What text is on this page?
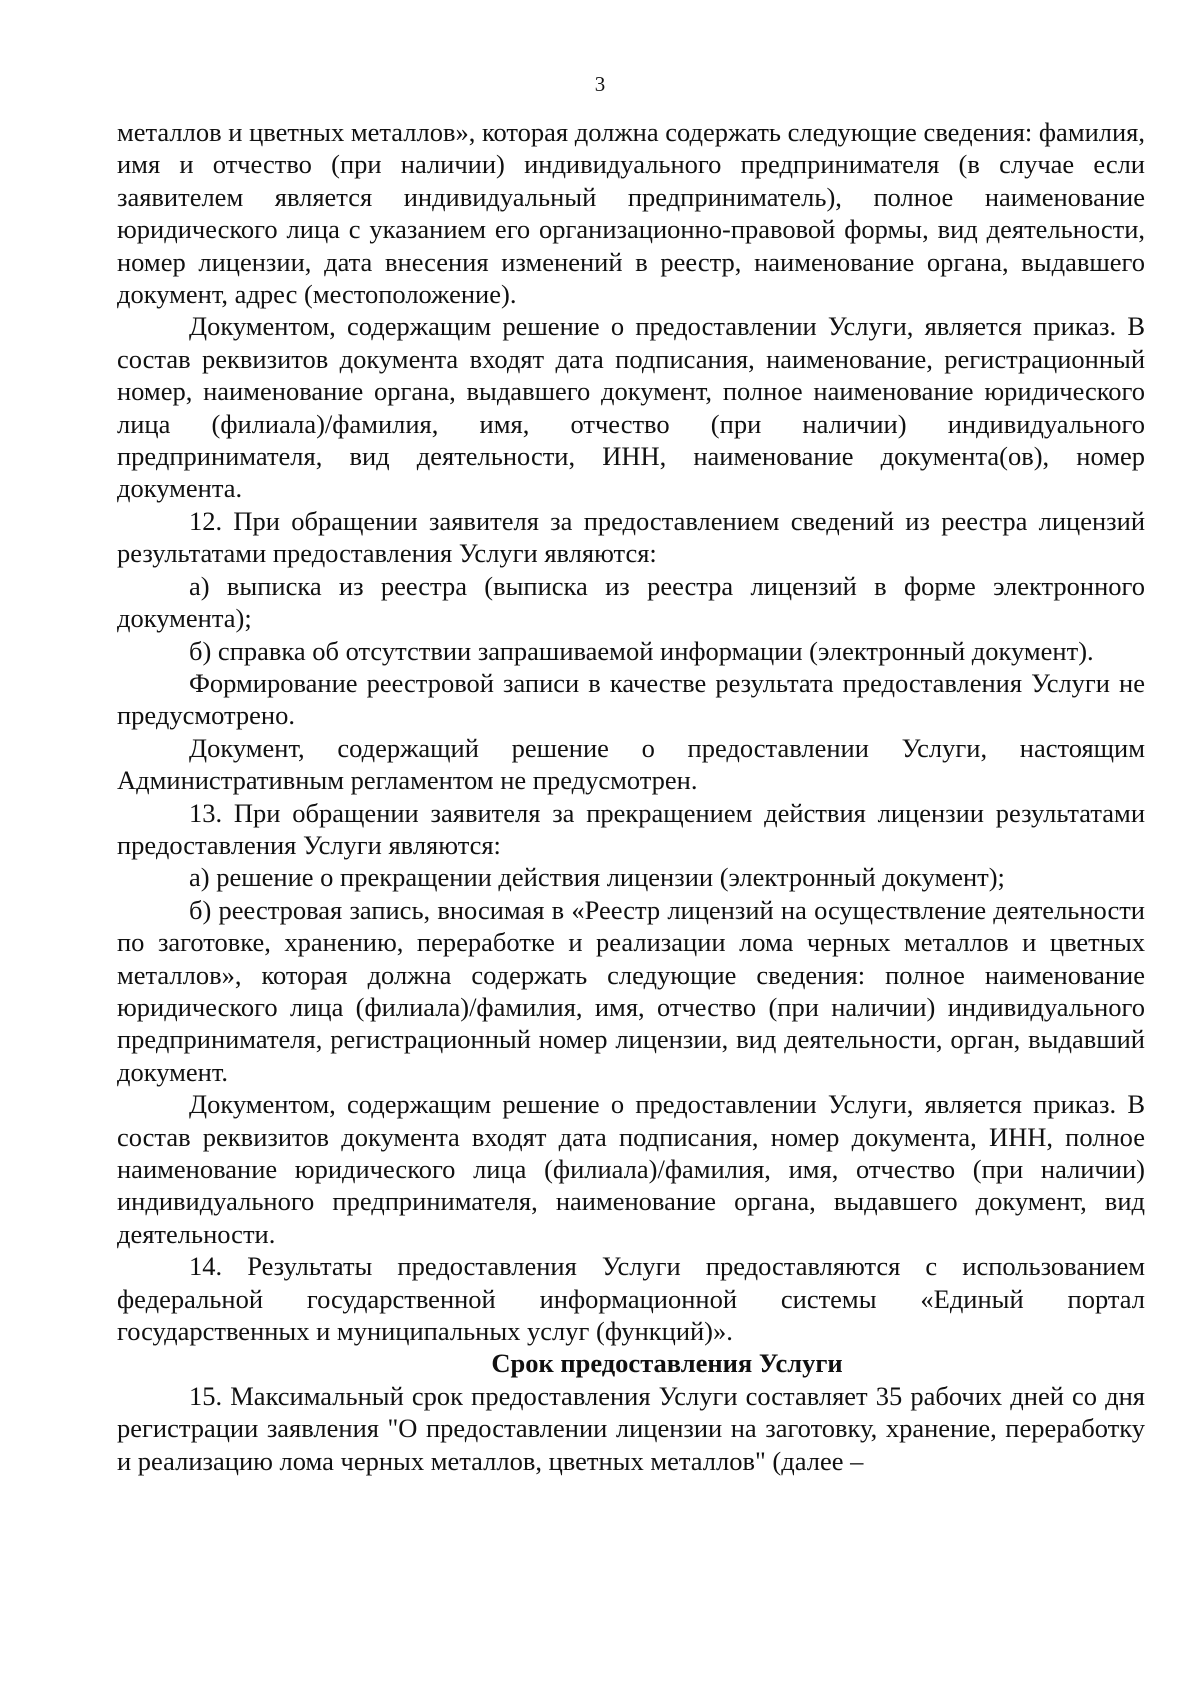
3

металлов и цветных металлов», которая должна содержать следующие сведения: фамилия, имя и отчество (при наличии) индивидуального предпринимателя (в случае если заявителем является индивидуальный предприниматель), полное наименование юридического лица с указанием его организационно-правовой формы, вид деятельности, номер лицензии, дата внесения изменений в реестр, наименование органа, выдавшего документ, адрес (местоположение).

Документом, содержащим решение о предоставлении Услуги, является приказ. В состав реквизитов документа входят дата подписания, наименование, регистрационный номер, наименование органа, выдавшего документ, полное наименование юридического лица (филиала)/фамилия, имя, отчество (при наличии) индивидуального предпринимателя, вид деятельности, ИНН, наименование документа(ов), номер документа.

12. При обращении заявителя за предоставлением сведений из реестра лицензий результатами предоставления Услуги являются:

а) выписка из реестра (выписка из реестра лицензий в форме электронного документа);

б) справка об отсутствии запрашиваемой информации (электронный документ).

Формирование реестровой записи в качестве результата предоставления Услуги не предусмотрено.

Документ, содержащий решение о предоставлении Услуги, настоящим Административным регламентом не предусмотрен.

13. При обращении заявителя за прекращением действия лицензии результатами предоставления Услуги являются:

а) решение о прекращении действия лицензии (электронный документ);

б) реестровая запись, вносимая в «Реестр лицензий на осуществление деятельности по заготовке, хранению, переработке и реализации лома черных металлов и цветных металлов», которая должна содержать следующие сведения: полное наименование юридического лица (филиала)/фамилия, имя, отчество (при наличии) индивидуального предпринимателя, регистрационный номер лицензии, вид деятельности, орган, выдавший документ.

Документом, содержащим решение о предоставлении Услуги, является приказ. В состав реквизитов документа входят дата подписания, номер документа, ИНН, полное наименование юридического лица (филиала)/фамилия, имя, отчество (при наличии) индивидуального предпринимателя, наименование органа, выдавшего документ, вид деятельности.

14. Результаты предоставления Услуги предоставляются с использованием федеральной государственной информационной системы «Единый портал государственных и муниципальных услуг (функций)».

Срок предоставления Услуги

15. Максимальный срок предоставления Услуги составляет 35 рабочих дней со дня регистрации заявления "О предоставлении лицензии на заготовку, хранение, переработку и реализацию лома черных металлов, цветных металлов" (далее –
